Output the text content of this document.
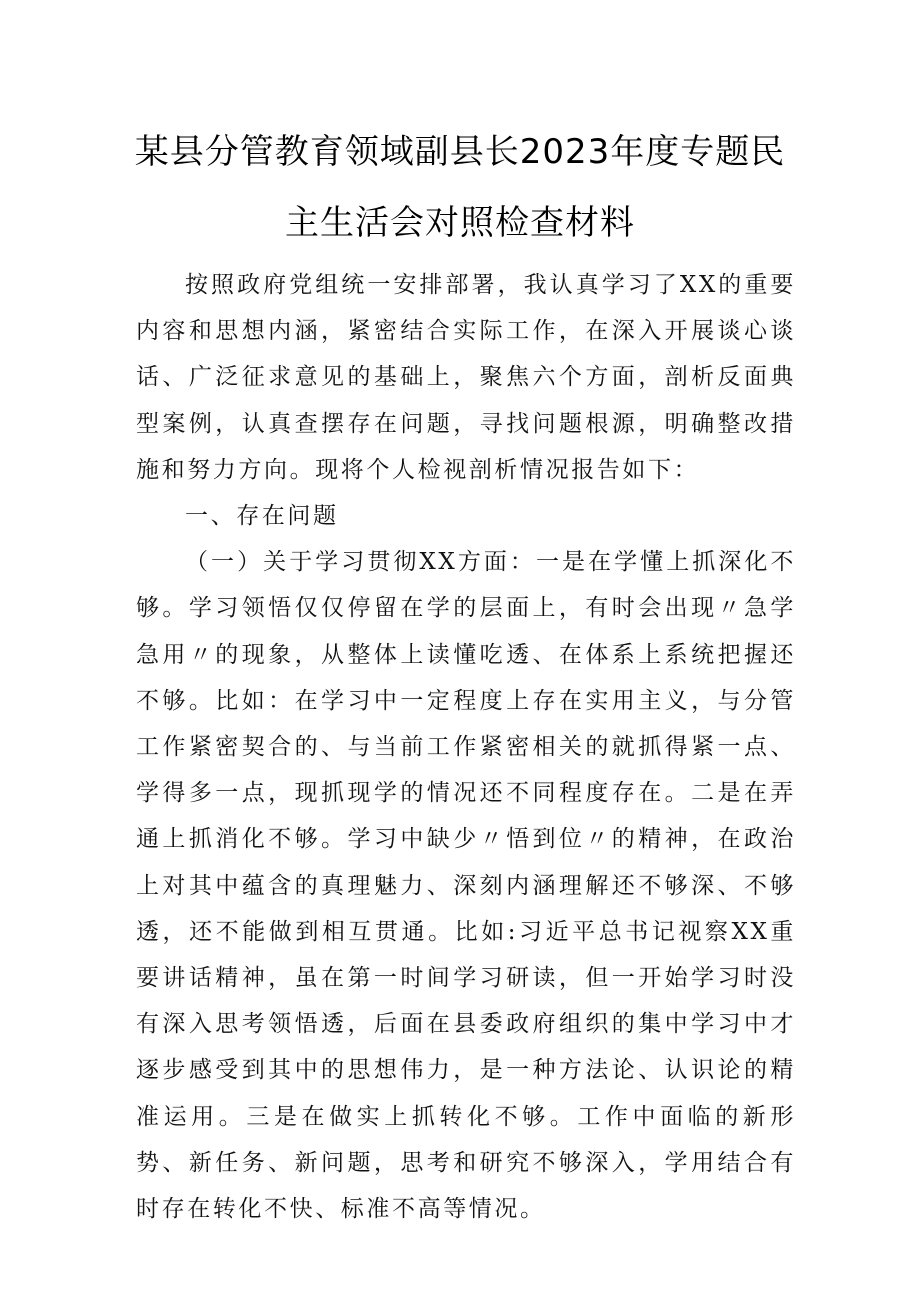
某县分管教育领域副县长2023年度专题民
主生活会对照检查材料

按照政府党组统一安排部署，我认真学习了XX的重要内容和思想内涵，紧密结合实际工作，在深入开展谈心谈话、广泛征求意见的基础上，聚焦六个方面，剖析反面典型案例，认真查摆存在问题，寻找问题根源，明确整改措施和努力方向。现将个人检视剖析情况报告如下：

一、存在问题

（一）关于学习贯彻XX方面：一是在学懂上抓深化不够。学习领悟仅仅停留在学的层面上，有时会出现〃急学急用〃的现象，从整体上读懂吃透、在体系上系统把握还不够。比如：在学习中一定程度上存在实用主义，与分管工作紧密契合的、与当前工作紧密相关的就抓得紧一点、学得多一点，现抓现学的情况还不同程度存在。二是在弄通上抓消化不够。学习中缺少〃悟到位〃的精神，在政治上对其中蕴含的真理魅力、深刻内涵理解还不够深、不够透，还不能做到相互贯通。比如:习近平总书记视察XX重要讲话精神，虽在第一时间学习研读，但一开始学习时没有深入思考领悟透，后面在县委政府组织的集中学习中才逐步感受到其中的思想伟力，是一种方法论、认识论的精准运用。三是在做实上抓转化不够。工作中面临的新形势、新任务、新问题，思考和研究不够深入，学用结合有时存在转化不快、标准不高等情况。
